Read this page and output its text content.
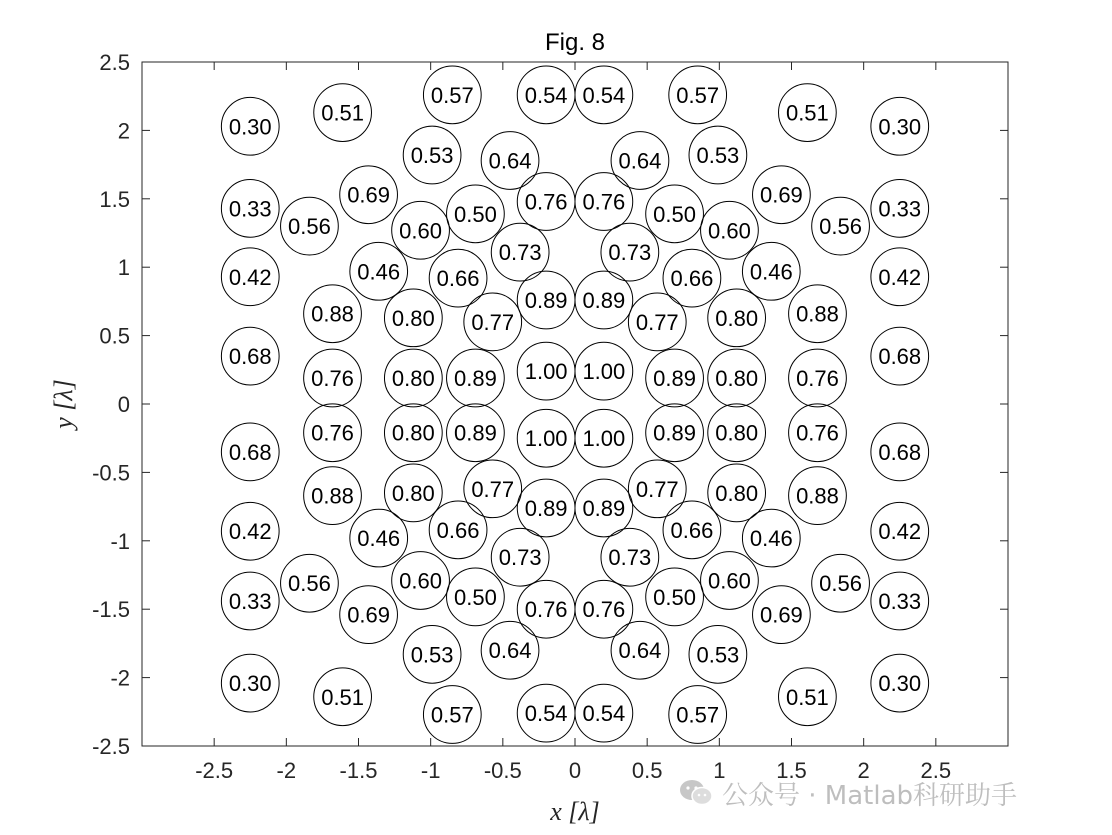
Fig. 8
-2.5 -2 -1.5 -1 -0.5 0 0.5 1 1.5 2 2.5
2.5
2
1.5
1
0.5
0
-0.5
-1
-1.5
-2
-2.5
0.30
0.51
0.57 0.54 0.54 0.57
0.51
0.30
0.53 0.64	0.64 0.53
0.33
0.69
0.50 0.76 0.76 0.50
0.69
0.33
0.56	0.60	0.60	0.56
0.73	0.73
0.42	0.46 0.66	0.66 0.46	0.42
0.89 0.89
0.88 0.80 0.77	0.77 0.80 0.88
0.68	0.68
0.76 0.80 0.89 1.00 1.00 0.89 0.80 0.76
0.76 0.80 0.89 1.00 1.00 0.89 0.80 0.76
0.68	0.68
0.88 0.80 0.77	0.77 0.80 0.88
0.89 0.89
0.42	0.46 0.66	0.66 0.46	0.42
0.73	0.73
0.56	0.60	0.60	0.56
0.50	0.50
0.33
0.69	0.76 0.76	0.69
0.33
0.53 0.64	0.64 0.53
0.30
0.51
0.57 0.54 0.54 0.57
0.51
0.30
x [λ]
y [λ]
公众号 · Matlab科研助手
